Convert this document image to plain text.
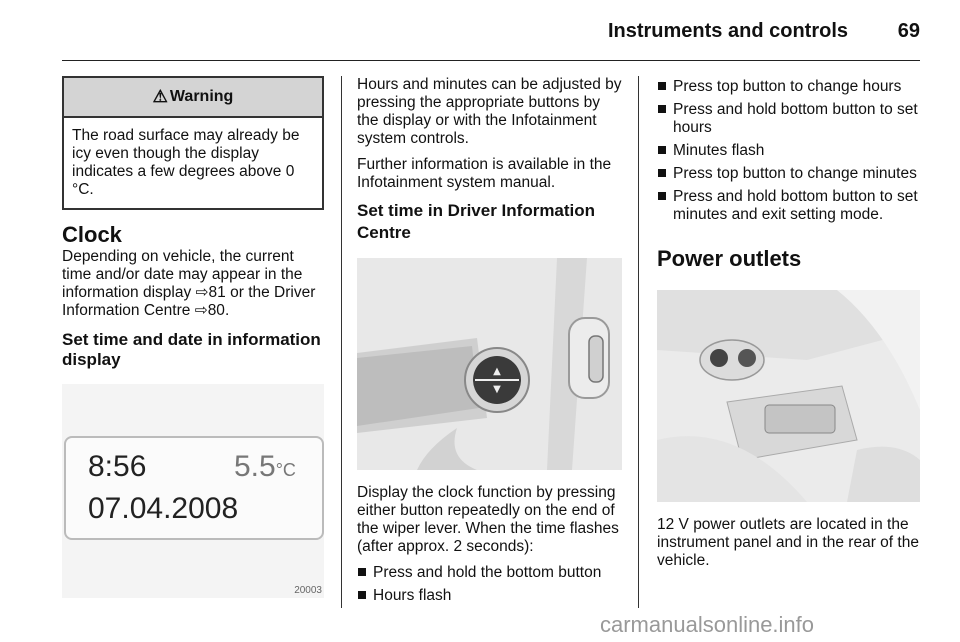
Instruments and controls 69
⚠ Warning
The road surface may already be icy even though the display indicates a few degrees above 0 °C.
Clock

Depending on vehicle, the current time and/or date may appear in the information display ⇨81 or the Driver Information Centre ⇨80.

Set time and date in information display
8:56	5.5°C
07.04.2008
20003

Hours and minutes can be adjusted by pressing the appropriate buttons by the display or with the Infotainment system controls.

Further information is available in the Infotainment system manual.

Set time in Driver Information Centre
▲
▼

Display the clock function by pressing either button repeatedly on the end of the wiper lever. When the time flashes (after approx. 2 seconds):

Press and hold the bottom button
Hours flash
Press top button to change hours
Press and hold bottom button to set hours
Minutes flash
Press top button to change minutes
Press and hold bottom button to set minutes and exit setting mode.
Power outlets

12 V power outlets are located in the instrument panel and in the rear of the vehicle.

carmanualsonline.info
